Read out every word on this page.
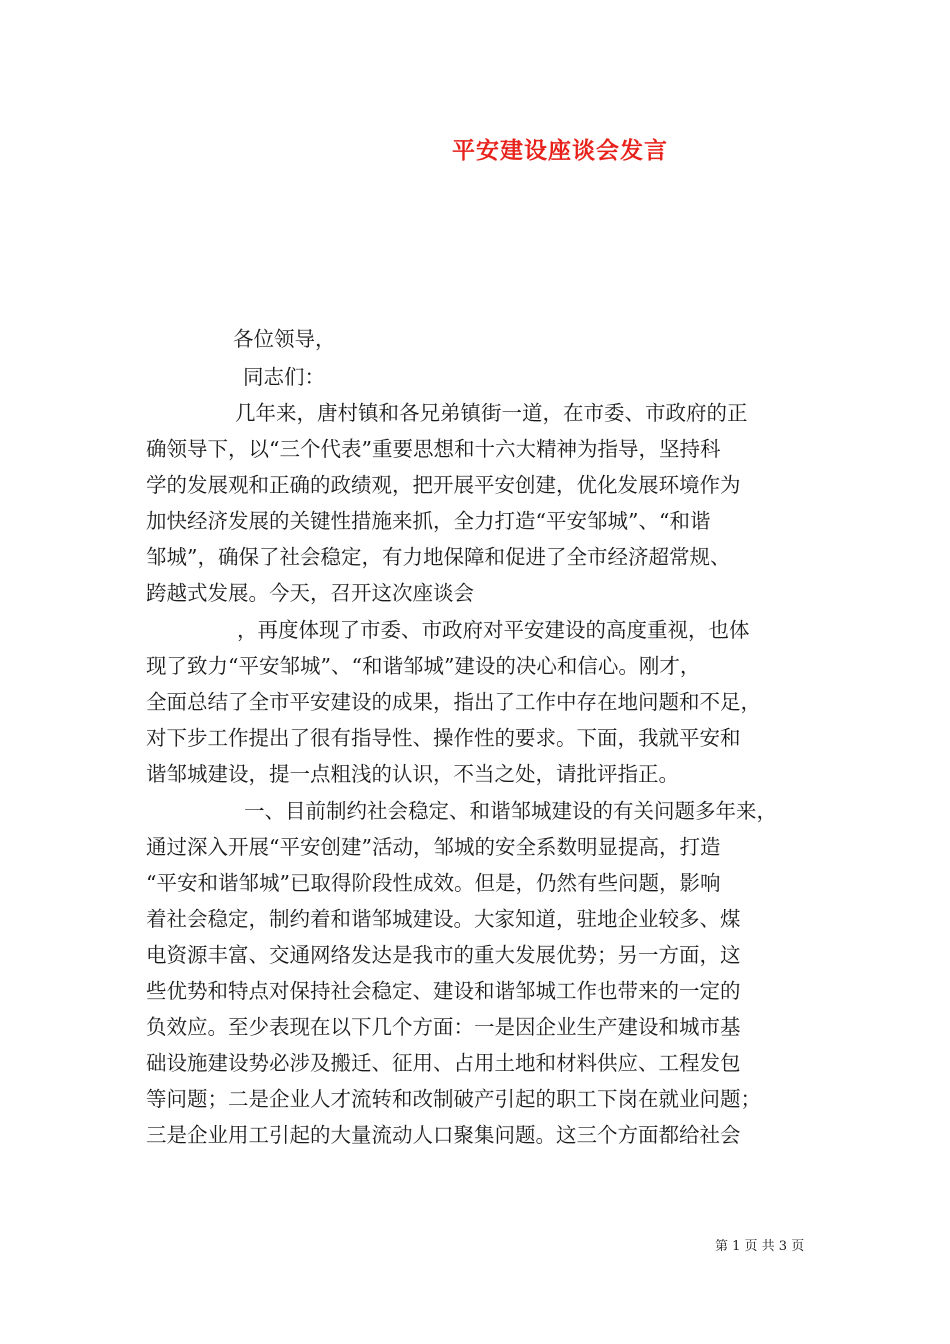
平安建设座谈会发言

各位领导，

同志们：

几年来，唐村镇和各兄弟镇街一道，在市委、市政府的正

确领导下，以“三个代表”重要思想和十六大精神为指导，坚持科

学的发展观和正确的政绩观，把开展平安创建，优化发展环境作为

加快经济发展的关键性措施来抓，全力打造“平安邹城”、“和谐

邹城”，确保了社会稳定，有力地保障和促进了全市经济超常规、

跨越式发展。今天，召开这次座谈会

，再度体现了市委、市政府对平安建设的高度重视，也体

现了致力“平安邹城”、“和谐邹城”建设的决心和信心。刚才，

全面总结了全市平安建设的成果，指出了工作中存在地问题和不足，

对下步工作提出了很有指导性、操作性的要求。下面，我就平安和

谐邹城建设，提一点粗浅的认识，不当之处，请批评指正。

一、目前制约社会稳定、和谐邹城建设的有关问题多年来，

通过深入开展“平安创建”活动，邹城的安全系数明显提高，打造

“平安和谐邹城”已取得阶段性成效。但是，仍然有些问题，影响

着社会稳定，制约着和谐邹城建设。大家知道，驻地企业较多、煤

电资源丰富、交通网络发达是我市的重大发展优势；另一方面，这

些优势和特点对保持社会稳定、建设和谐邹城工作也带来的一定的

负效应。至少表现在以下几个方面：一是因企业生产建设和城市基

础设施建设势必涉及搬迁、征用、占用土地和材料供应、工程发包

等问题；二是企业人才流转和改制破产引起的职工下岗在就业问题；

三是企业用工引起的大量流动人口聚集问题。这三个方面都给社会

第 1 页 共 3 页
